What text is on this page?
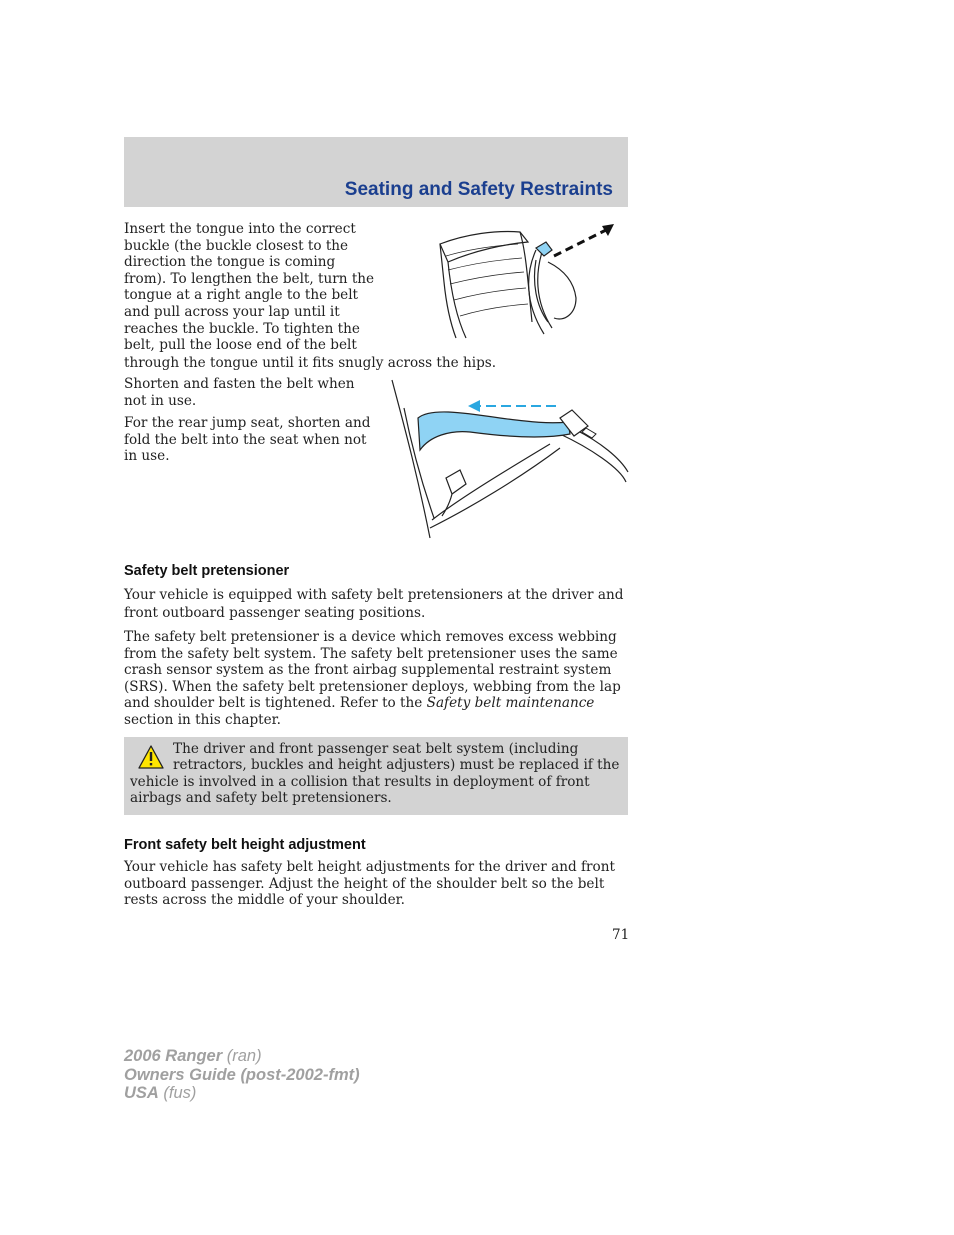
Seating and Safety Restraints
Insert the tongue into the correct
buckle (the buckle closest to the
direction the tongue is coming
from). To lengthen the belt, turn the
tongue at a right angle to the belt
and pull across your lap until it
reaches the buckle. To tighten the
belt, pull the loose end of the belt
through the tongue until it fits snugly across the hips.
Shorten and fasten the belt when
not in use.
For the rear jump seat, shorten and
fold the belt into the seat when not
in use.
Safety belt pretensioner
Your vehicle is equipped with safety belt pretensioners at the driver and
front outboard passenger seating positions.
The safety belt pretensioner is a device which removes excess webbing
from the safety belt system. The safety belt pretensioner uses the same
crash sensor system as the front airbag supplemental restraint system
(SRS). When the safety belt pretensioner deploys, webbing from the lap
and shoulder belt is tightened. Refer to the Safety belt maintenance
section in this chapter.
The driver and front passenger seat belt system (including
retractors, buckles and height adjusters) must be replaced if the
vehicle is involved in a collision that results in deployment of front
airbags and safety belt pretensioners.
Front safety belt height adjustment
Your vehicle has safety belt height adjustments for the driver and front
outboard passenger. Adjust the height of the shoulder belt so the belt
rests across the middle of your shoulder.
71
2006 Ranger (ran)
Owners Guide (post-2002-fmt)
USA (fus)
